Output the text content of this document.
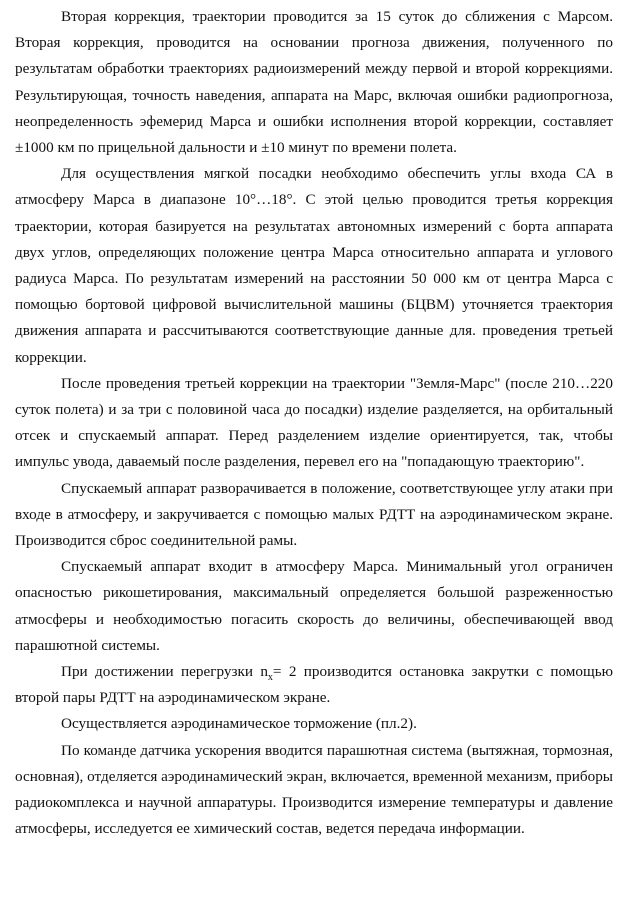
Вторая коррекция, траектории проводится за 15 суток до сближения с Марсом. Вторая коррекция, проводится на основании прогноза движения, полученного по результатам обработки траекториях радиоизмерений между первой и второй коррекциями. Результирующая, точность наведения, аппарата на Марс, включая ошибки радиопрогноза, неопределенность эфемерид Марса и ошибки исполнения второй коррекции, составляет ±1000 км по прицельной дальности и ±10 минут по времени полета.

Для осуществления мягкой посадки необходимо обеспечить углы входа СА в атмосферу Марса в диапазоне 10°…18°. С этой целью проводится третья коррекция траектории, которая базируется на результатах автономных измерений с борта аппарата двух углов, определяющих положение центра Марса относительно аппарата и углового радиуса Марса. По результатам измерений на расстоянии 50 000 км от центра Марса с помощью бортовой цифровой вычислительной машины (БЦВМ) уточняется траектория движения аппарата и рассчитываются соответствующие данные для. проведения третьей коррекции.

После проведения третьей коррекции на траектории "Земля-Марс" (после 210…220 суток полета) и за три с половиной часа до посадки) изделие разделяется, на орбитальный отсек и спускаемый аппарат. Перед разделением изделие ориентируется, так, чтобы импульс увода, даваемый после разделения, перевел его на "попадающую траекторию".

Спускаемый аппарат разворачивается в положение, соответствующее углу атаки при входе в атмосферу, и закручивается с помощью малых РДТТ на аэродинамическом экране. Производится сброс соединительной рамы.

Спускаемый аппарат входит в атмосферу Марса. Минимальный угол ограничен опасностью рикошетирования, максимальный определяется большой разреженностью атмосферы и необходимостью погасить скорость до величины, обеспечивающей ввод парашютной системы.

При достижении перегрузки $n_x= 2$ производится остановка закрутки с помощью второй пары РДТТ на аэродинамическом экране.

Осуществляется аэродинамическое торможение (пл.2).

По команде датчика ускорения вводится парашютная система (вытяжная, тормозная, основная), отделяется аэродинамический экран, включается, временной механизм, приборы радиокомплекса и научной аппаратуры. Производится измерение температуры и давление атмосферы, исследуется ее химический состав, ведется передача информации.
